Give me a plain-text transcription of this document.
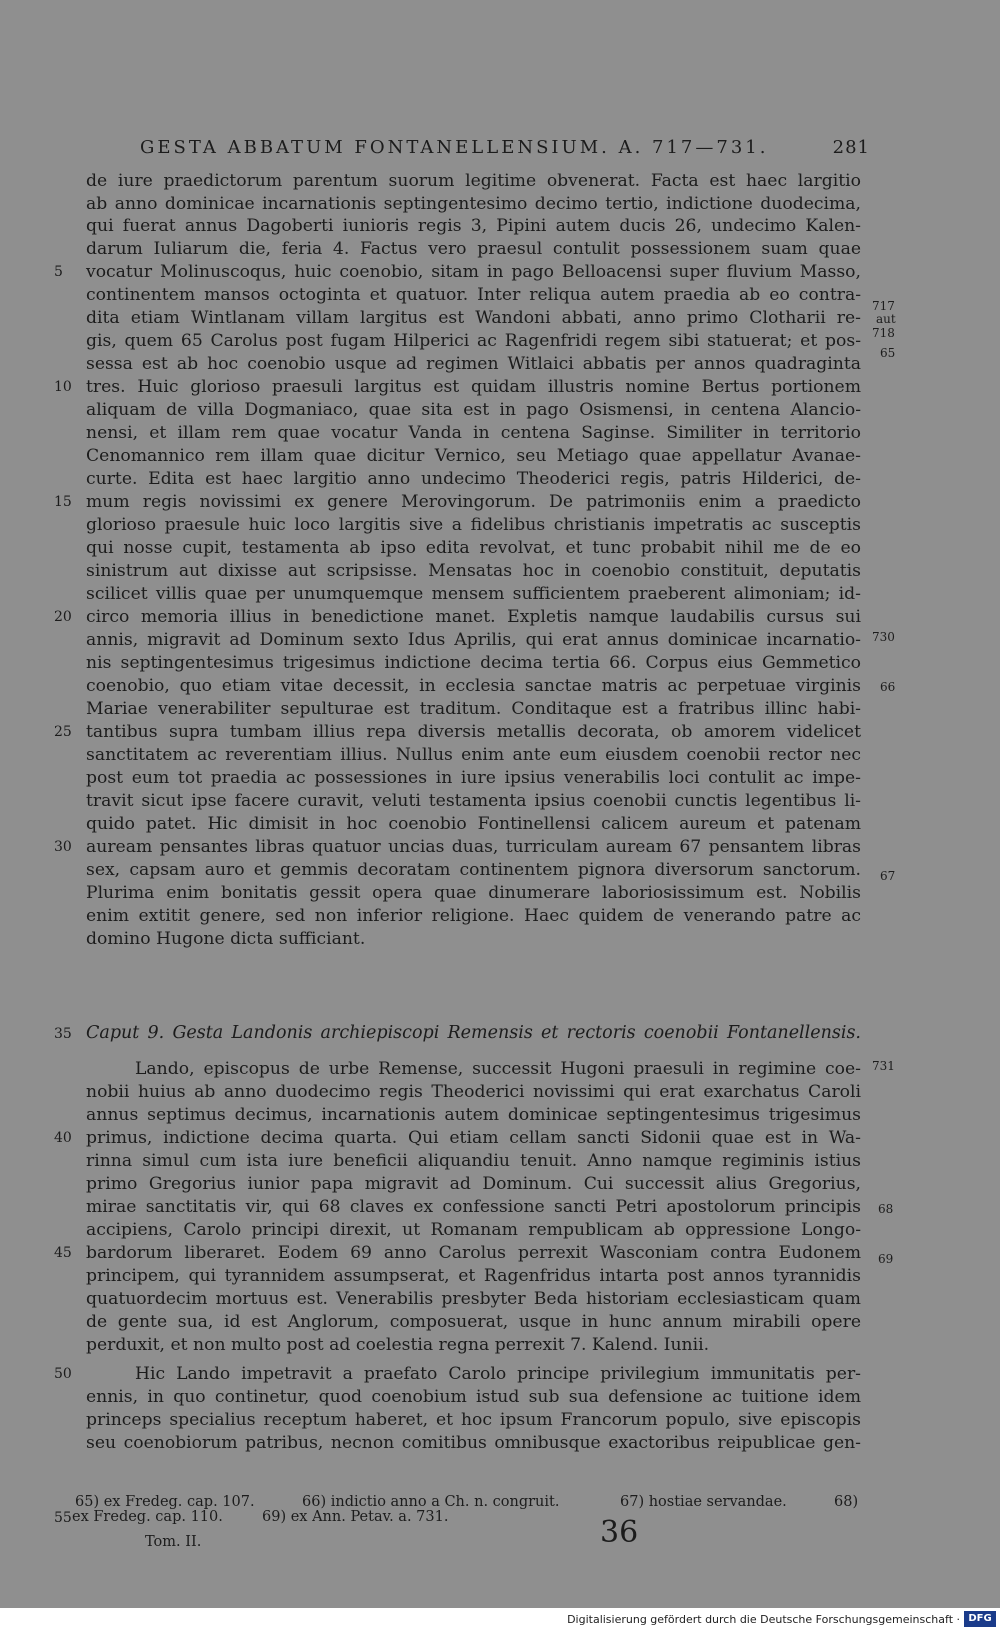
GESTA ABBATUM FONTANELLENSIUM. A. 717—731.	281
de iure praedictorum parentum suorum legitime obvenerat. Facta est haec largitio
ab anno dominicae incarnationis septingentesimo decimo tertio, indictione duodecima,
qui fuerat annus Dagoberti iunioris regis 3, Pipini autem ducis 26, undecimo Kalen-
darum Iuliarum die, feria 4. Factus vero praesul contulit possessionem suam quae
vocatur Molinuscoqus, huic coenobio, sitam in pago Belloacensi super fluvium Masso,
continentem mansos octoginta et quatuor. Inter reliqua autem praedia ab eo contra-
dita etiam Wintlanam villam largitus est Wandoni abbati, anno primo Clotharii re-
gis, quem 65 Carolus post fugam Hilperici ac Ragenfridi regem sibi statuerat; et pos-
sessa est ab hoc coenobio usque ad regimen Witlaici abbatis per annos quadraginta
tres. Huic glorioso praesuli largitus est quidam illustris nomine Bertus portionem
aliquam de villa Dogmaniaco, quae sita est in pago Osismensi, in centena Alancio-
nensi, et illam rem quae vocatur Vanda in centena Saginse. Similiter in territorio
Cenomannico rem illam quae dicitur Vernico, seu Metiago quae appellatur Avanae-
curte. Edita est haec largitio anno undecimo Theoderici regis, patris Hilderici, de-
mum regis novissimi ex genere Merovingorum. De patrimoniis enim a praedicto
glorioso praesule huic loco largitis sive a fidelibus christianis impetratis ac susceptis
qui nosse cupit, testamenta ab ipso edita revolvat, et tunc probabit nihil me de eo
sinistrum aut dixisse aut scripsisse. Mensatas hoc in coenobio constituit, deputatis
scilicet villis quae per unumquemque mensem sufficientem praeberent alimoniam; id-
circo memoria illius in benedictione manet. Expletis namque laudabilis cursus sui
annis, migravit ad Dominum sexto Idus Aprilis, qui erat annus dominicae incarnatio-
nis septingentesimus trigesimus indictione decima tertia 66. Corpus eius Gemmetico
coenobio, quo etiam vitae decessit, in ecclesia sanctae matris ac perpetuae virginis
Mariae venerabiliter sepulturae est traditum. Conditaque est a fratribus illinc habi-
tantibus supra tumbam illius repa diversis metallis decorata, ob amorem videlicet
sanctitatem ac reverentiam illius. Nullus enim ante eum eiusdem coenobii rector nec
post eum tot praedia ac possessiones in iure ipsius venerabilis loci contulit ac impe-
travit sicut ipse facere curavit, veluti testamenta ipsius coenobii cunctis legentibus li-
quido patet. Hic dimisit in hoc coenobio Fontinellensi calicem aureum et patenam
auream pensantes libras quatuor uncias duas, turriculam auream 67 pensantem libras
sex, capsam auro et gemmis decoratam continentem pignora diversorum sanctorum.
Plurima enim bonitatis gessit opera quae dinumerare laboriosissimum est. Nobilis
enim extitit genere, sed non inferior religione. Haec quidem de venerando patre ac
domino Hugone dicta sufficiant.
Caput 9. Gesta Landonis archiepiscopi Remensis et rectoris coenobii Fontanellensis.
Lando, episcopus de urbe Remense, successit Hugoni praesuli in regimine coe-
nobii huius ab anno duodecimo regis Theoderici novissimi qui erat exarchatus Caroli
annus septimus decimus, incarnationis autem dominicae septingentesimus trigesimus
primus, indictione decima quarta. Qui etiam cellam sancti Sidonii quae est in Wa-
rinna simul cum ista iure beneficii aliquandiu tenuit. Anno namque regiminis istius
primo Gregorius iunior papa migravit ad Dominum. Cui successit alius Gregorius,
mirae sanctitatis vir, qui 68 claves ex confessione sancti Petri apostolorum principis
accipiens, Carolo principi direxit, ut Romanam rempublicam ab oppressione Longo-
bardorum liberaret. Eodem 69 anno Carolus perrexit Wasconiam contra Eudonem
principem, qui tyrannidem assumpserat, et Ragenfridus intarta post annos tyrannidis
quatuordecim mortuus est. Venerabilis presbyter Beda historiam ecclesiasticam quam
de gente sua, id est Anglorum, composuerat, usque in hunc annum mirabili opere
perduxit, et non multo post ad coelestia regna perrexit 7. Kalend. Iunii.
Hic Lando impetravit a praefato Carolo principe privilegium immunitatis per-
ennis, in quo continetur, quod coenobium istud sub sua defensione ac tuitione idem
princeps specialius receptum haberet, et hoc ipsum Francorum populo, sive episcopis
seu coenobiorum patribus, necnon comitibus omnibusque exactoribus reipublicae gen-
5
10
15
20
25
30
35
40
45
50
55
717
aut
718
65
730
66
67
731
68
69
65) ex Fredeg. cap. 107.	66) indictio anno a Ch. n. congruit.	67) hostiae servandae.	68)
ex Fredeg. cap. 110.	69) ex Ann. Petav. a. 731.
Tom. II.	36
Digitalisierung gefördert durch die Deutsche Forschungsgemeinschaft · DFG
